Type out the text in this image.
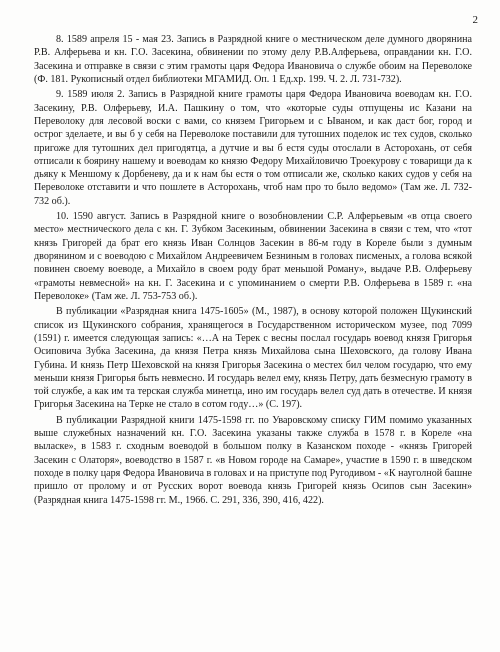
2

8. 1589 апреля 15 - мая 23. Запись в Разрядной книге о местническом деле думного дворянина Р.В. Алферьева и кн. Г.О. Засекина, обвинении по этому делу Р.В.Алферьева, оправдании кн. Г.О. Засекина и отправке в связи с этим грамоты царя Федора Ивановича о службе обоим на Переволоке (Ф. 181. Рукописный отдел библиотеки МГАМИД. Оп. 1 Ед.хр. 199. Ч. 2. Л. 731-732).

9. 1589 июля 2. Запись в Разрядной книге грамоты царя Федора Ивановича воеводам кн. Г.О. Засекину, Р.В. Олферьеву, И.А. Пашкину о том, что «которые суды отпущены ис Казани на Переволоку для лесовой воски с вами, со князем Григорьем и с Ываном, и как даст бог, город и острог зделаете, и вы б у себя на Переволоке поставили для тутошних поделок ис тех судов, сколько пригоже для тутошних дел пригодятца, а дутчие и вы б естя суды отослали в Асторохань, от себя отписали к боярину нашему и воеводам ко князю Федору Михайловичю Троекурову с товарищи да к дьяку к Меншому к Дорбеневу, да и к нам бы естя о том отписали же, сколько каких судов у себя на Переволоке отставити и что пошлете в Асторохань, чтоб нам про то было ведомо» (Там же. Л. 732-732 об.).

10. 1590 август. Запись в Разрядной книге о возобновлении С.Р. Алферьевым «в отца своего место» местнического дела с кн. Г. Зубком Засекиным, обвинении Засекина в связи с тем, что «тот князь Григорей да брат его князь Иван Солнцов Засекин в 86-м году в Кореле были з думным дворянином и с воеводою с Михайлом Андреевичем Безниным в головах писменых, а голова всякой повинен своему воеводе, а Михайло в своем роду брат меньшой Роману», выдаче Р.В. Олферьеву «грамоты невмесной» на кн. Г. Засекина и с упоминанием о смерти Р.В. Олферьева в 1589 г. «на Переволоке» (Там же. Л. 753-753 об.).

В публикации «Разрядная книга 1475-1605» (М., 1987), в основу которой положен Щукинский список из Щукинского собрания, хранящегося в Государственном историческом музее, под 7099 (1591) г. имеется следующая запись: «…А на Терек с весны послал государь воевод князя Григорья Осиповича Зубка Засекина, да князя Петра князь Михайлова сына Шеховского, да голову Ивана Губина. И князь Петр Шеховской на князя Григорья Засекина о местех бил челом государю, что ему меньши князя Григорья быть невмесно. И государь велел ему, князь Петру, дать безмесную грамоту в той службе, а как им та терская служба минетца, ино им государь велел суд дать в отечестве. И князя Григорья Засекина на Терке не стало в сотом году…» (С. 197).

В публикации Разрядной книги 1475-1598 гг. по Уваровскому списку ГИМ помимо указанных выше служебных назначений кн. Г.О. Засекина указаны также служба в 1578 г. в Кореле «на выласке», в 1583 г. сходным воеводой в большом полку в Казанском походе - «князь Григорей Засекин с Олаторя», воеводство в 1587 г. «в Новом городе на Самаре», участие в 1590 г. в шведском походе в полку царя Федора Ивановича в головах и на приступе под Ругодивом - «К науголной башне пришло от пролому и от Русских ворот воевода князь Григорей князь Осипов сын Засекин» (Разрядная книга 1475-1598 гг. М., 1966. С. 291, 336, 390, 416, 422).
